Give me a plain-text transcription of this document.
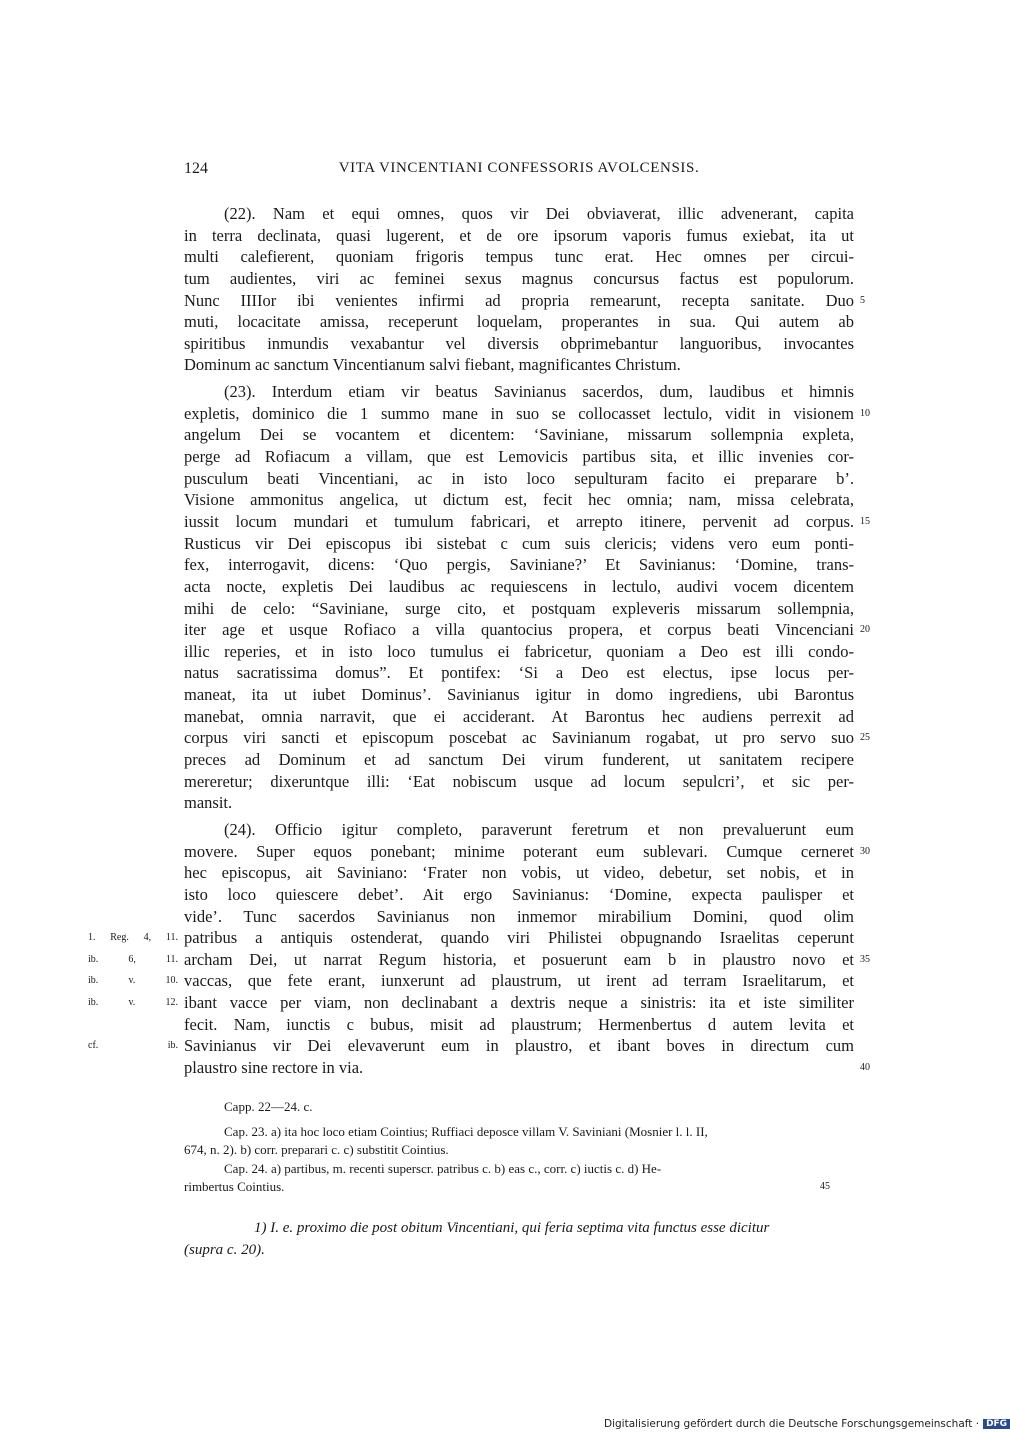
124	VITA VINCENTIANI CONFESSORIS AVOLCENSIS.
(22). Nam et equi omnes, quos vir Dei obviaverat, illic advenerant, capita
in terra declinata, quasi lugerent, et de ore ipsorum vaporis fumus exiebat, ita ut
multi calefierent, quoniam frigoris tempus tunc erat. Hec omnes per circui-
tum audientes, viri ac feminei sexus magnus concursus factus est populorum.
Nunc IIIIor ibi venientes infirmi ad propria remearunt, recepta sanitate. Duo 5
muti, locacitate amissa, receperunt loquelam, properantes in sua. Qui autem ab
spiritibus inmundis vexabantur vel diversis obprimebantur languoribus, invocantes
Dominum ac sanctum Vincentianum salvi fiebant, magnificantes Christum.
(23). Interdum etiam vir beatus Savinianus sacerdos, dum, laudibus et himnis
expletis, dominico die 1 summo mane in suo se collocasset lectulo, vidit in visionem 10
angelum Dei se vocantem et dicentem: ‘Saviniane, missarum sollempnia expleta,
perge ad Rofiacum a villam, que est Lemovicis partibus sita, et illic invenies cor-
pusculum beati Vincentiani, ac in isto loco sepulturam facito ei preparare b’.
Visione ammonitus angelica, ut dictum est, fecit hec omnia; nam, missa celebrata,
iussit locum mundari et tumulum fabricari, et arrepto itinere, pervenit ad corpus. 15
Rusticus vir Dei episcopus ibi sistebat c cum suis clericis; videns vero eum ponti-
fex, interrogavit, dicens: ‘Quo pergis, Saviniane?’ Et Savinianus: ‘Domine, trans-
acta nocte, expletis Dei laudibus ac requiescens in lectulo, audivi vocem dicentem
mihi de celo: “Saviniane, surge cito, et postquam expleveris missarum sollempnia,
iter age et usque Rofiaco a villa quantocius propera, et corpus beati Vincenciani 20
illic reperies, et in isto loco tumulus ei fabricetur, quoniam a Deo est illi condo-
natus sacratissima domus”. Et pontifex: ‘Si a Deo est electus, ipse locus per-
maneat, ita ut iubet Dominus’. Savinianus igitur in domo ingrediens, ubi Barontus
manebat, omnia narravit, que ei acciderant. At Barontus hec audiens perrexit ad
corpus viri sancti et episcopum poscebat ac Savinianum rogabat, ut pro servo suo 25
preces ad Dominum et ad sanctum Dei virum funderent, ut sanitatem recipere
mereretur; dixeruntque illi: ‘Eat nobiscum usque ad locum sepulcri’, et sic per-
mansit.
(24). Officio igitur completo, paraverunt feretrum et non prevaluerunt eum
movere. Super equos ponebant; minime poterant eum sublevari. Cumque cerneret 30
hec episcopus, ait Saviniano: ‘Frater non vobis, ut video, debetur, set nobis, et in
isto loco quiescere debet’. Ait ergo Savinianus: ‘Domine, expecta paulisper et
vide’. Tunc sacerdos Savinianus non inmemor mirabilium Domini, quod olim
patribus a antiquis ostenderat, quando viri Philistei obpugnando Israelitas ceperunt
1. Reg. 4, 11.
archam Dei, ut narrat Regum historia, et posuerunt eam b in plaustro novo et 35
ib. 6, 11.
vaccas, que fete erant, iunxerunt ad plaustrum, ut irent ad terram Israelitarum, et
ib. v. 10.
ibant vacce per viam, non declinabant a dextris neque a sinistris: ita et iste similiter
ib. v. 12.
fecit. Nam, iunctis c bubus, misit ad plaustrum; Hermenbertus d autem levita et
Savinianus vir Dei elevaverunt eum in plaustro, et ibant boves in directum cum
cf. ib.
plaustro sine rectore in via.	40
Capp. 22—24. c.
Cap. 23. a) ita hoc loco etiam Cointius; Ruffiaci deposce villam V. Saviniani (Mosnier l. l. II,
674, n. 2). b) corr. preparari c. c) substitit Cointius.
Cap. 24. a) partibus, m. recenti superscr. patribus c. b) eas c., corr. c) iuctis c. d) He-
rimbertus Cointius.	45
1) I. e. proximo die post obitum Vincentiani, qui feria septima vita functus esse dicitur
(supra c. 20).
Digitalisierung gefördert durch die Deutsche Forschungsgemeinschaft · DFG
